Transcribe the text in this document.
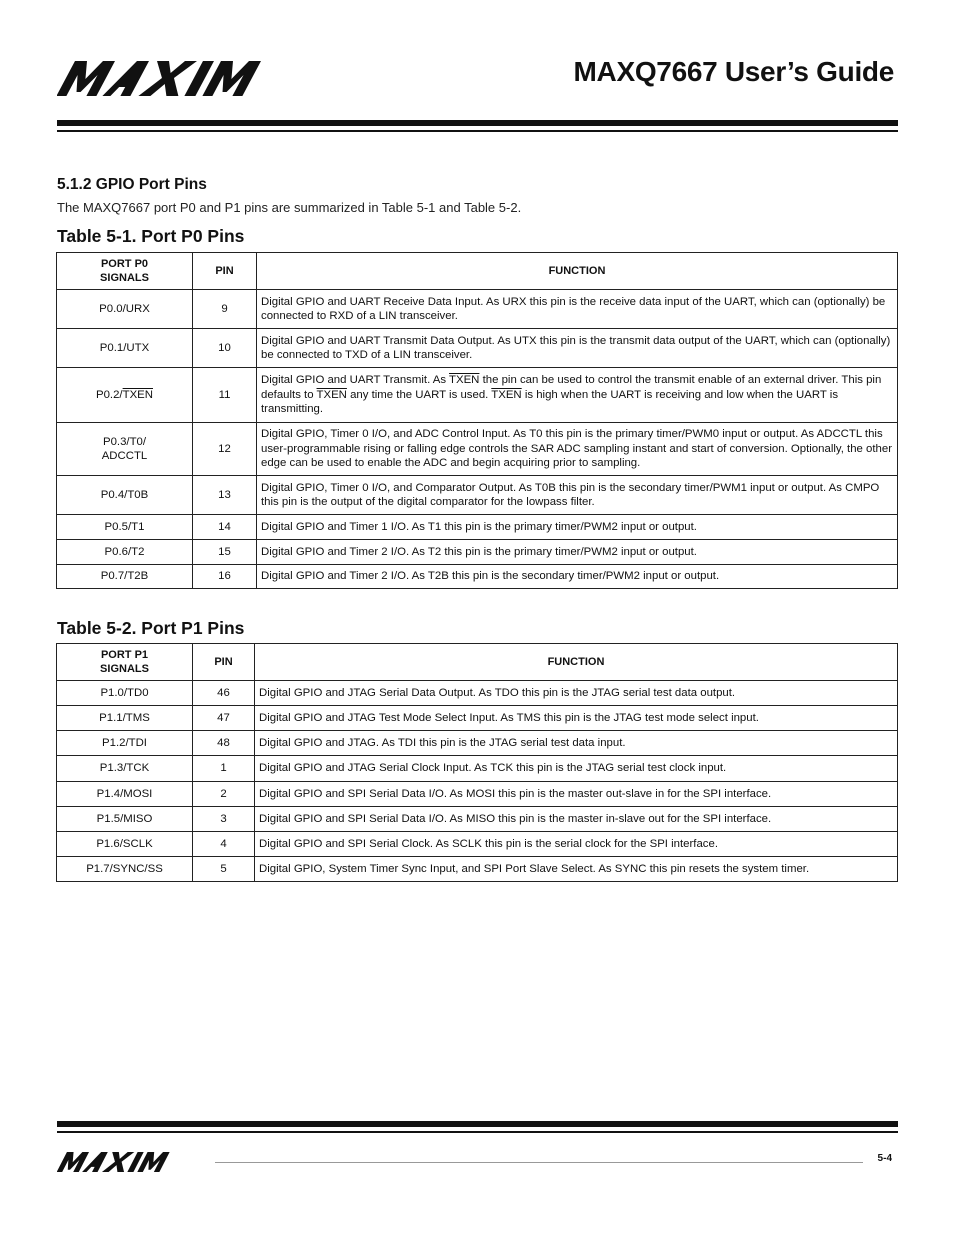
MAXQ7667 User’s Guide
5.1.2 GPIO Port Pins
The MAXQ7667 port P0 and P1 pins are summarized in Table 5-1 and Table 5-2.
Table 5-1. Port P0 Pins
PORT P0
SIGNALS	PIN	FUNCTION
P0.0/URX	9	Digital GPIO and UART Receive Data Input. As URX this pin is the receive data input of the UART, which can (optionally) be connected to RXD of a LIN transceiver.
P0.1/UTX	10	Digital GPIO and UART Transmit Data Output. As UTX this pin is the transmit data output of the UART, which can (optionally) be connected to TXD of a LIN transceiver.
P0.2/TXEN	11	Digital GPIO and UART Transmit. As TXEN the pin can be used to control the transmit enable of an external driver. This pin defaults to TXEN any time the UART is used. TXEN is high when the UART is receiving and low when the UART is transmitting.
P0.3/T0/
ADCCTL	12	Digital GPIO, Timer 0 I/O, and ADC Control Input. As T0 this pin is the primary timer/PWM0 input or output. As ADCCTL this user-programmable rising or falling edge controls the SAR ADC sampling instant and start of conversion. Optionally, the other edge can be used to enable the ADC and begin acquiring prior to sampling.
P0.4/T0B	13	Digital GPIO, Timer 0 I/O, and Comparator Output. As T0B this pin is the secondary timer/PWM1 input or output. As CMPO this pin is the output of the digital comparator for the lowpass filter.
P0.5/T1	14	Digital GPIO and Timer 1 I/O. As T1 this pin is the primary timer/PWM2 input or output.
P0.6/T2	15	Digital GPIO and Timer 2 I/O. As T2 this pin is the primary timer/PWM2 input or output.
P0.7/T2B	16	Digital GPIO and Timer 2 I/O. As T2B this pin is the secondary timer/PWM2 input or output.
Table 5-2. Port P1 Pins
PORT P1
SIGNALS	PIN	FUNCTION
P1.0/TD0	46	Digital GPIO and JTAG Serial Data Output. As TDO this pin is the JTAG serial test data output.
P1.1/TMS	47	Digital GPIO and JTAG Test Mode Select Input. As TMS this pin is the JTAG test mode select input.
P1.2/TDI	48	Digital GPIO and JTAG. As TDI this pin is the JTAG serial test data input.
P1.3/TCK	1	Digital GPIO and JTAG Serial Clock Input. As TCK this pin is the JTAG serial test clock input.
P1.4/MOSI	2	Digital GPIO and SPI Serial Data I/O. As MOSI this pin is the master out-slave in for the SPI interface.
P1.5/MISO	3	Digital GPIO and SPI Serial Data I/O. As MISO this pin is the master in-slave out for the SPI interface.
P1.6/SCLK	4	Digital GPIO and SPI Serial Clock. As SCLK this pin is the serial clock for the SPI interface.
P1.7/SYNC/SS	5	Digital GPIO, System Timer Sync Input, and SPI Port Slave Select. As SYNC this pin resets the system timer.
5-4
